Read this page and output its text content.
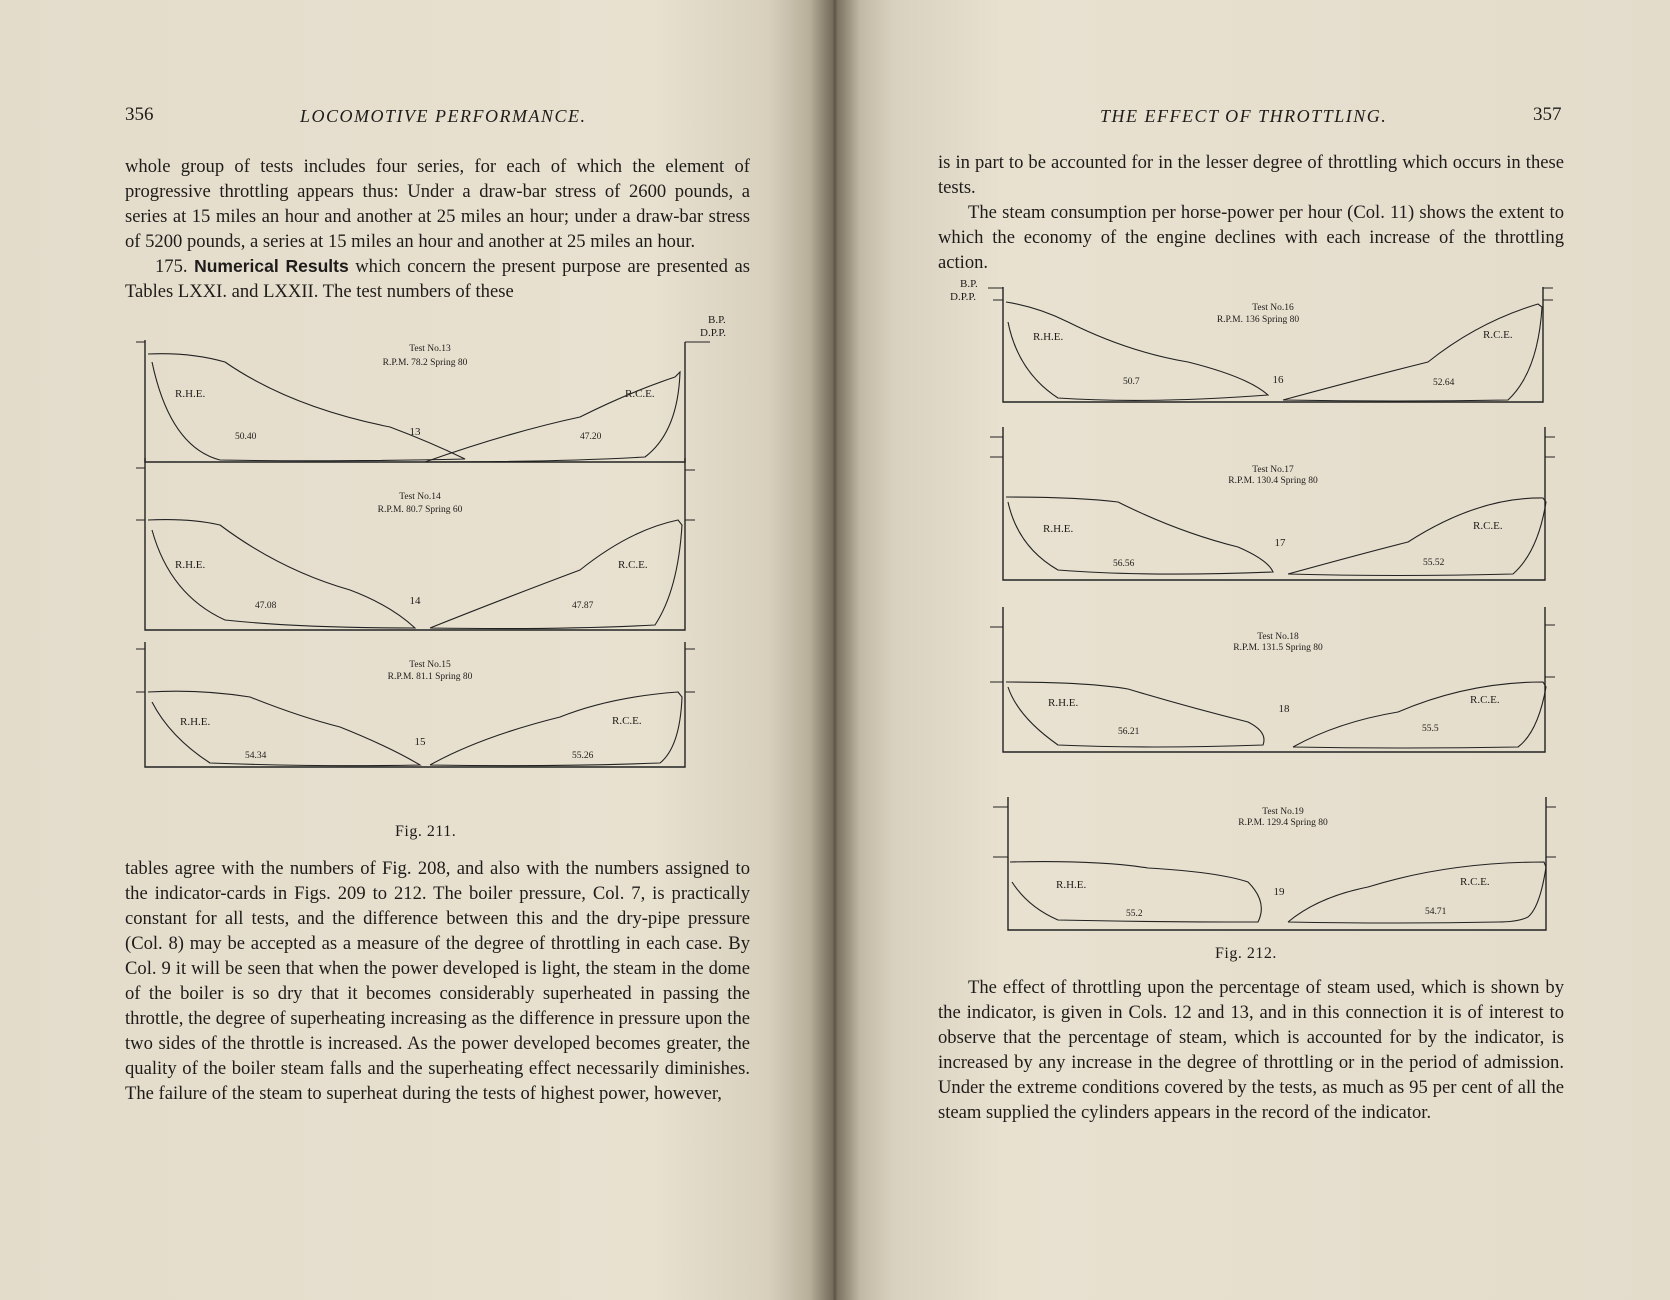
356	LOCOMOTIVE PERFORMANCE.

whole group of tests includes four series, for each of which the element of progressive throttling appears thus: Under a draw-bar stress of 2600 pounds, a series at 15 miles an hour and another at 25 miles an hour; under a draw-bar stress of 5200 pounds, a series at 15 miles an hour and another at 25 miles an hour.

175. Numerical Results which concern the present purpose are presented as Tables LXXI. and LXXII. The test numbers of these

Test No.13
R.P.M. 78.2 Spring 80
R.H.E.	R.C.E.
50.40	47.20
13
B.P.
D.P.P.
Test No.14
R.P.M. 80.7 Spring 60
R.H.E.	R.C.E.
47.08	47.87
14
Test No.15
R.P.M. 81.1 Spring 80
R.H.E.	R.C.E.
54.34	55.26
15
Fig. 211.

tables agree with the numbers of Fig. 208, and also with the numbers assigned to the indicator-cards in Figs. 209 to 212. The boiler pressure, Col. 7, is practically constant for all tests, and the difference between this and the dry-pipe pressure (Col. 8) may be accepted as a measure of the degree of throttling in each case. By Col. 9 it will be seen that when the power developed is light, the steam in the dome of the boiler is so dry that it becomes considerably superheated in passing the throttle, the degree of superheating increasing as the difference in pressure upon the two sides of the throttle is increased. As the power developed becomes greater, the quality of the boiler steam falls and the superheating effect necessarily diminishes. The failure of the steam to superheat during the tests of highest power, however,

THE EFFECT OF THROTTLING.	357

is in part to be accounted for in the lesser degree of throttling which occurs in these tests.

The steam consumption per horse-power per hour (Col. 11) shows the extent to which the economy of the engine declines with each increase of the throttling action.

Test No.16
R.P.M. 136 Spring 80
R.H.E.	R.C.E.
50.7	52.64
16
B.P.
D.P.P.
Test No.17
R.P.M. 130.4 Spring 80
R.H.E.	R.C.E.
56.56	55.52
17
Test No.18
R.P.M. 131.5 Spring 80
R.H.E.	R.C.E.
56.21	55.5
18
Test No.19
R.P.M. 129.4 Spring 80
R.H.E.	R.C.E.
55.2	54.71
19
Fig. 212.

The effect of throttling upon the percentage of steam used, which is shown by the indicator, is given in Cols. 12 and 13, and in this connection it is of interest to observe that the percentage of steam, which is accounted for by the indicator, is increased by any increase in the degree of throttling or in the period of admission. Under the extreme conditions covered by the tests, as much as 95 per cent of all the steam supplied the cylinders appears in the record of the indicator.
